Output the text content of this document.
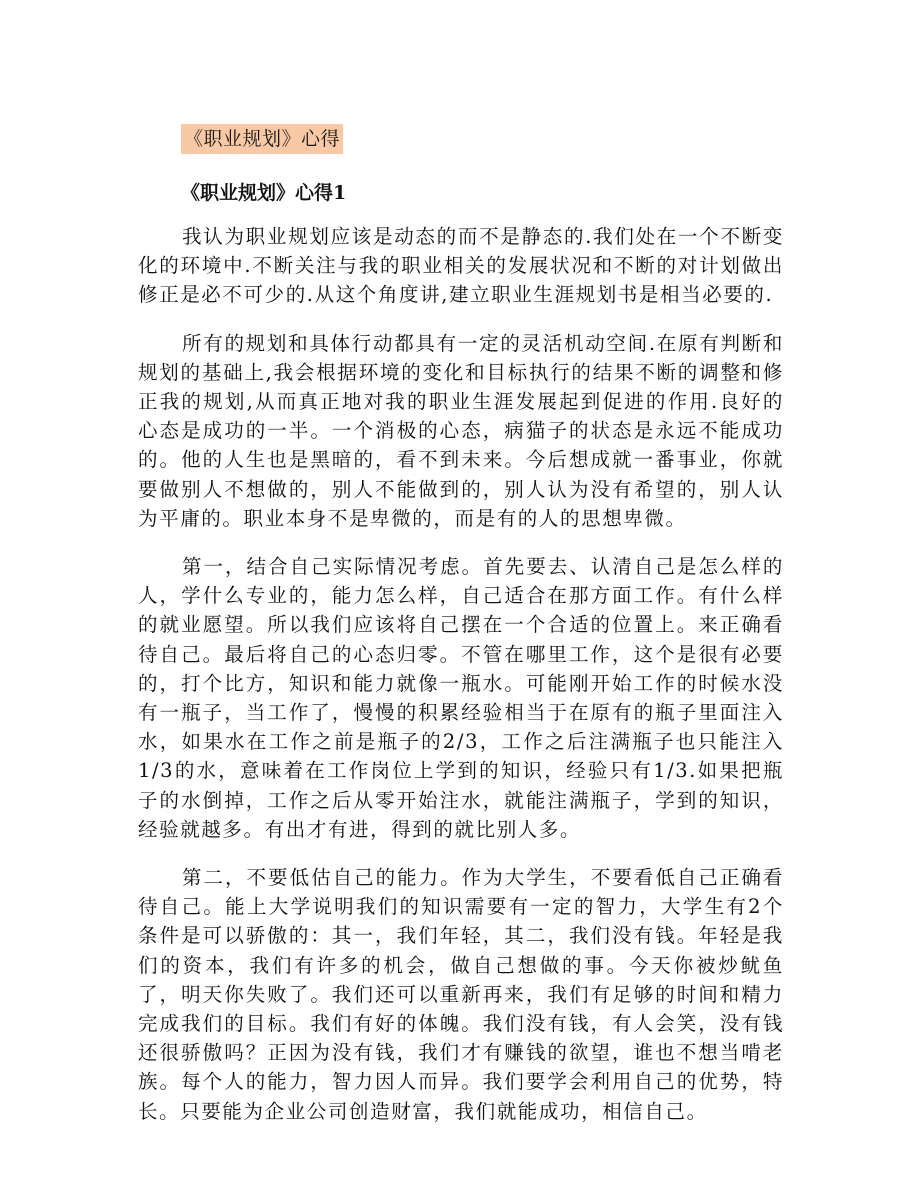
《职业规划》心得
《职业规划》心得1

我认为职业规划应该是动态的而不是静态的.我们处在一个不断变化的环境中.不断关注与我的职业相关的发展状况和不断的对计划做出修正是必不可少的.从这个角度讲,建立职业生涯规划书是相当必要的.

所有的规划和具体行动都具有一定的灵活机动空间.在原有判断和规划的基础上,我会根据环境的变化和目标执行的结果不断的调整和修正我的规划,从而真正地对我的职业生涯发展起到促进的作用.良好的心态是成功的一半。一个消极的心态，病猫子的状态是永远不能成功的。他的人生也是黑暗的，看不到未来。今后想成就一番事业，你就要做别人不想做的，别人不能做到的，别人认为没有希望的，别人认为平庸的。职业本身不是卑微的，而是有的人的思想卑微。

第一，结合自己实际情况考虑。首先要去、认清自己是怎么样的人，学什么专业的，能力怎么样，自己适合在那方面工作。有什么样的就业愿望。所以我们应该将自己摆在一个合适的位置上。来正确看待自己。最后将自己的心态归零。不管在哪里工作，这个是很有必要的，打个比方，知识和能力就像一瓶水。可能刚开始工作的时候水没有一瓶子，当工作了，慢慢的积累经验相当于在原有的瓶子里面注入水，如果水在工作之前是瓶子的2/3，工作之后注满瓶子也只能注入1/3的水，意味着在工作岗位上学到的知识，经验只有1/3.如果把瓶子的水倒掉，工作之后从零开始注水，就能注满瓶子，学到的知识，经验就越多。有出才有进，得到的就比别人多。

第二，不要低估自己的能力。作为大学生，不要看低自己正确看待自己。能上大学说明我们的知识需要有一定的智力，大学生有2个条件是可以骄傲的：其一，我们年轻，其二，我们没有钱。年轻是我们的资本，我们有许多的机会，做自己想做的事。今天你被炒鱿鱼了，明天你失败了。我们还可以重新再来，我们有足够的时间和精力完成我们的目标。我们有好的体魄。我们没有钱，有人会笑，没有钱还很骄傲吗？正因为没有钱，我们才有赚钱的欲望，谁也不想当啃老族。每个人的能力，智力因人而异。我们要学会利用自己的优势，特长。只要能为企业公司创造财富，我们就能成功，相信自己。
